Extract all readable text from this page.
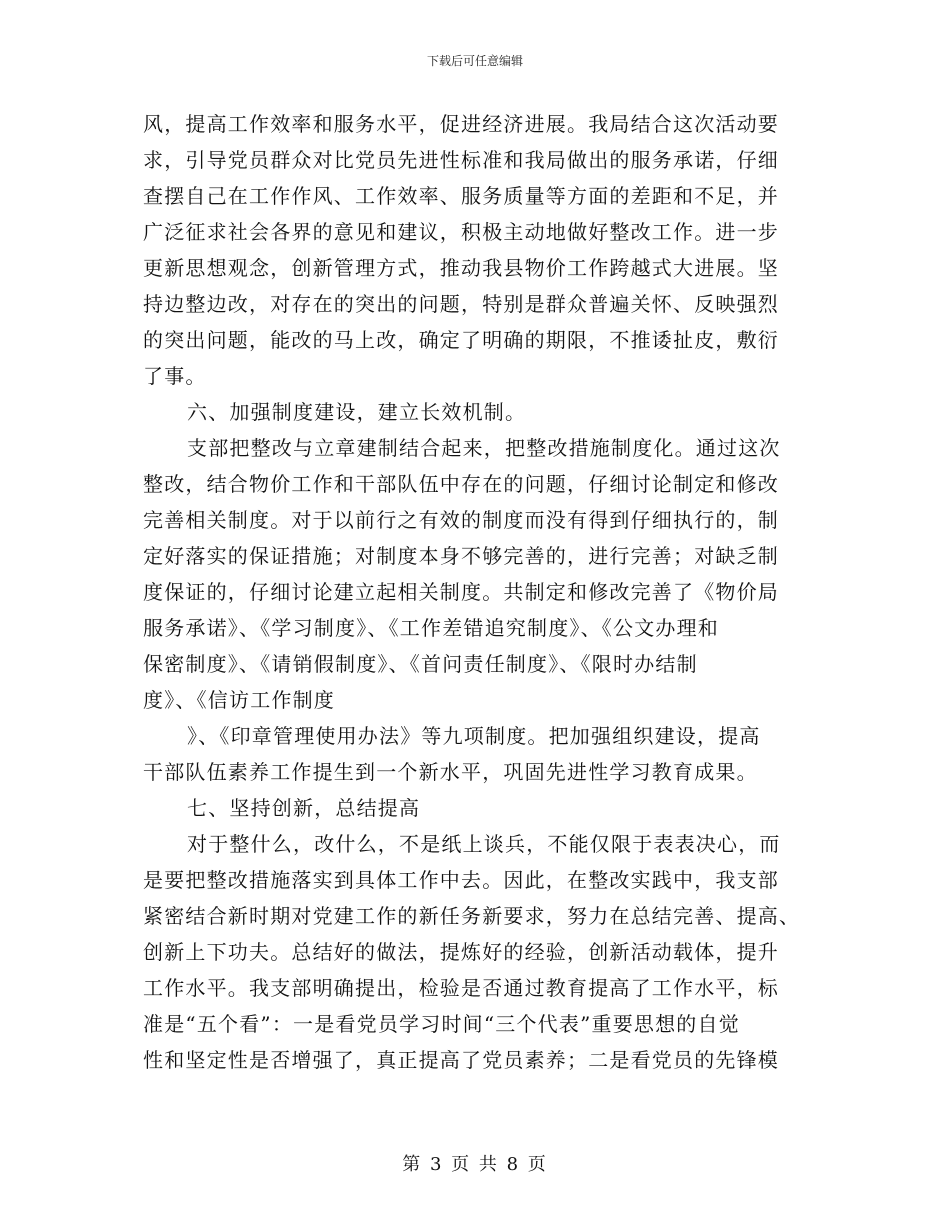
下载后可任意编辑
风，提高工作效率和服务水平，促进经济进展。我局结合这次活动要
求，引导党员群众对比党员先进性标准和我局做出的服务承诺，仔细
查摆自己在工作作风、工作效率、服务质量等方面的差距和不足，并
广泛征求社会各界的意见和建议，积极主动地做好整改工作。进一步
更新思想观念，创新管理方式，推动我县物价工作跨越式大进展。坚
持边整边改，对存在的突出的问题，特别是群众普遍关怀、反映强烈
的突出问题，能改的马上改，确定了明确的期限，不推诿扯皮，敷衍
了事。
六、加强制度建设，建立长效机制。
支部把整改与立章建制结合起来，把整改措施制度化。通过这次
整改，结合物价工作和干部队伍中存在的问题，仔细讨论制定和修改
完善相关制度。对于以前行之有效的制度而没有得到仔细执行的，制
定好落实的保证措施；对制度本身不够完善的，进行完善；对缺乏制
度保证的，仔细讨论建立起相关制度。共制定和修改完善了《物价局
服务承诺》、《学习制度》、《工作差错追究制度》、《公文办理和
保密制度》、《请销假制度》、《首问责任制度》、《限时办结制
度》、《信访工作制度
》、《印章管理使用办法》等九项制度。把加强组织建设，提高
干部队伍素养工作提生到一个新水平，巩固先进性学习教育成果。
七、坚持创新，总结提高
对于整什么，改什么，不是纸上谈兵，不能仅限于表表决心，而
是要把整改措施落实到具体工作中去。因此，在整改实践中，我支部
紧密结合新时期对党建工作的新任务新要求，努力在总结完善、提高、
创新上下功夫。总结好的做法，提炼好的经验，创新活动载体，提升
工作水平。我支部明确提出，检验是否通过教育提高了工作水平，标
准是“五个看”：一是看党员学习时间“三个代表”重要思想的自觉
性和坚定性是否增强了，真正提高了党员素养；二是看党员的先锋模
第 3 页 共 8 页
